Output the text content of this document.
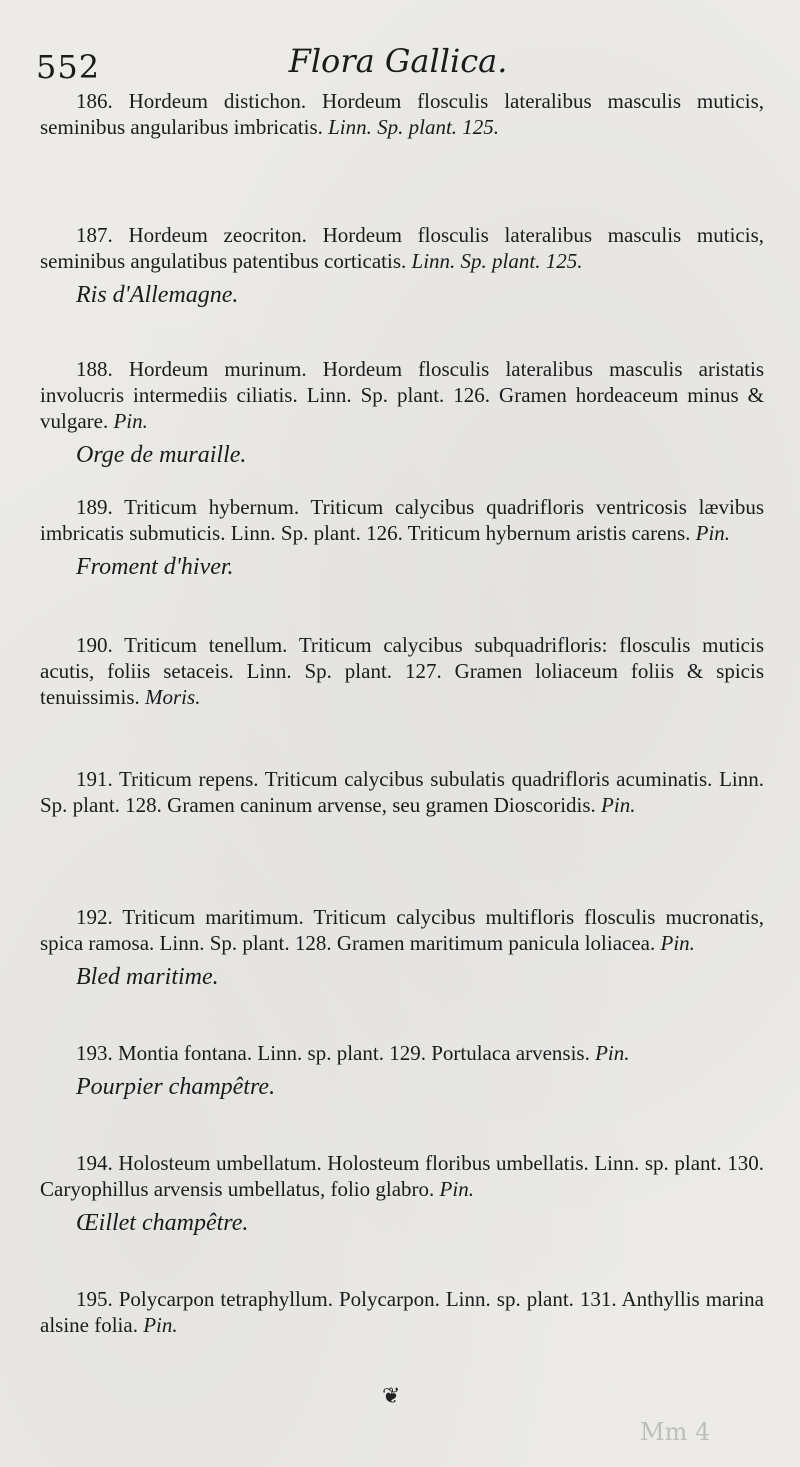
552	Flora Gallica.

186. Hordeum distichon. Hordeum flosculis lateralibus masculis muticis, seminibus angularibus imbricatis. Linn. Sp. plant. 125.

187. Hordeum zeocriton. Hordeum flosculis lateralibus masculis muticis, seminibus angulatibus patentibus corticatis. Linn. Sp. plant. 125.

Ris d'Allemagne.

188. Hordeum murinum. Hordeum flosculis lateralibus masculis aristatis involucris intermediis ciliatis. Linn. Sp. plant. 126. Gramen hordeaceum minus & vulgare. Pin.

Orge de muraille.

189. Triticum hybernum. Triticum calycibus quadrifloris ventricosis lævibus imbricatis submuticis. Linn. Sp. plant. 126. Triticum hybernum aristis carens. Pin.

Froment d'hiver.

190. Triticum tenellum. Triticum calycibus subquadrifloris: flosculis muticis acutis, foliis setaceis. Linn. Sp. plant. 127. Gramen loliaceum foliis & spicis tenuissimis. Moris.

191. Triticum repens. Triticum calycibus subulatis quadrifloris acuminatis. Linn. Sp. plant. 128. Gramen caninum arvense, seu gramen Dioscoridis. Pin.

192. Triticum maritimum. Triticum calycibus multifloris flosculis mucronatis, spica ramosa. Linn. Sp. plant. 128. Gramen maritimum panicula loliacea. Pin.

Bled maritime.

193. Montia fontana. Linn. sp. plant. 129. Portulaca arvensis. Pin.

Pourpier champêtre.

194. Holosteum umbellatum. Holosteum floribus umbellatis. Linn. sp. plant. 130. Caryophillus arvensis umbellatus, folio glabro. Pin.

Œillet champêtre.

195. Polycarpon tetraphyllum. Polycarpon. Linn. sp. plant. 131. Anthyllis marina alsine folia. Pin.

❦
Mm 4
